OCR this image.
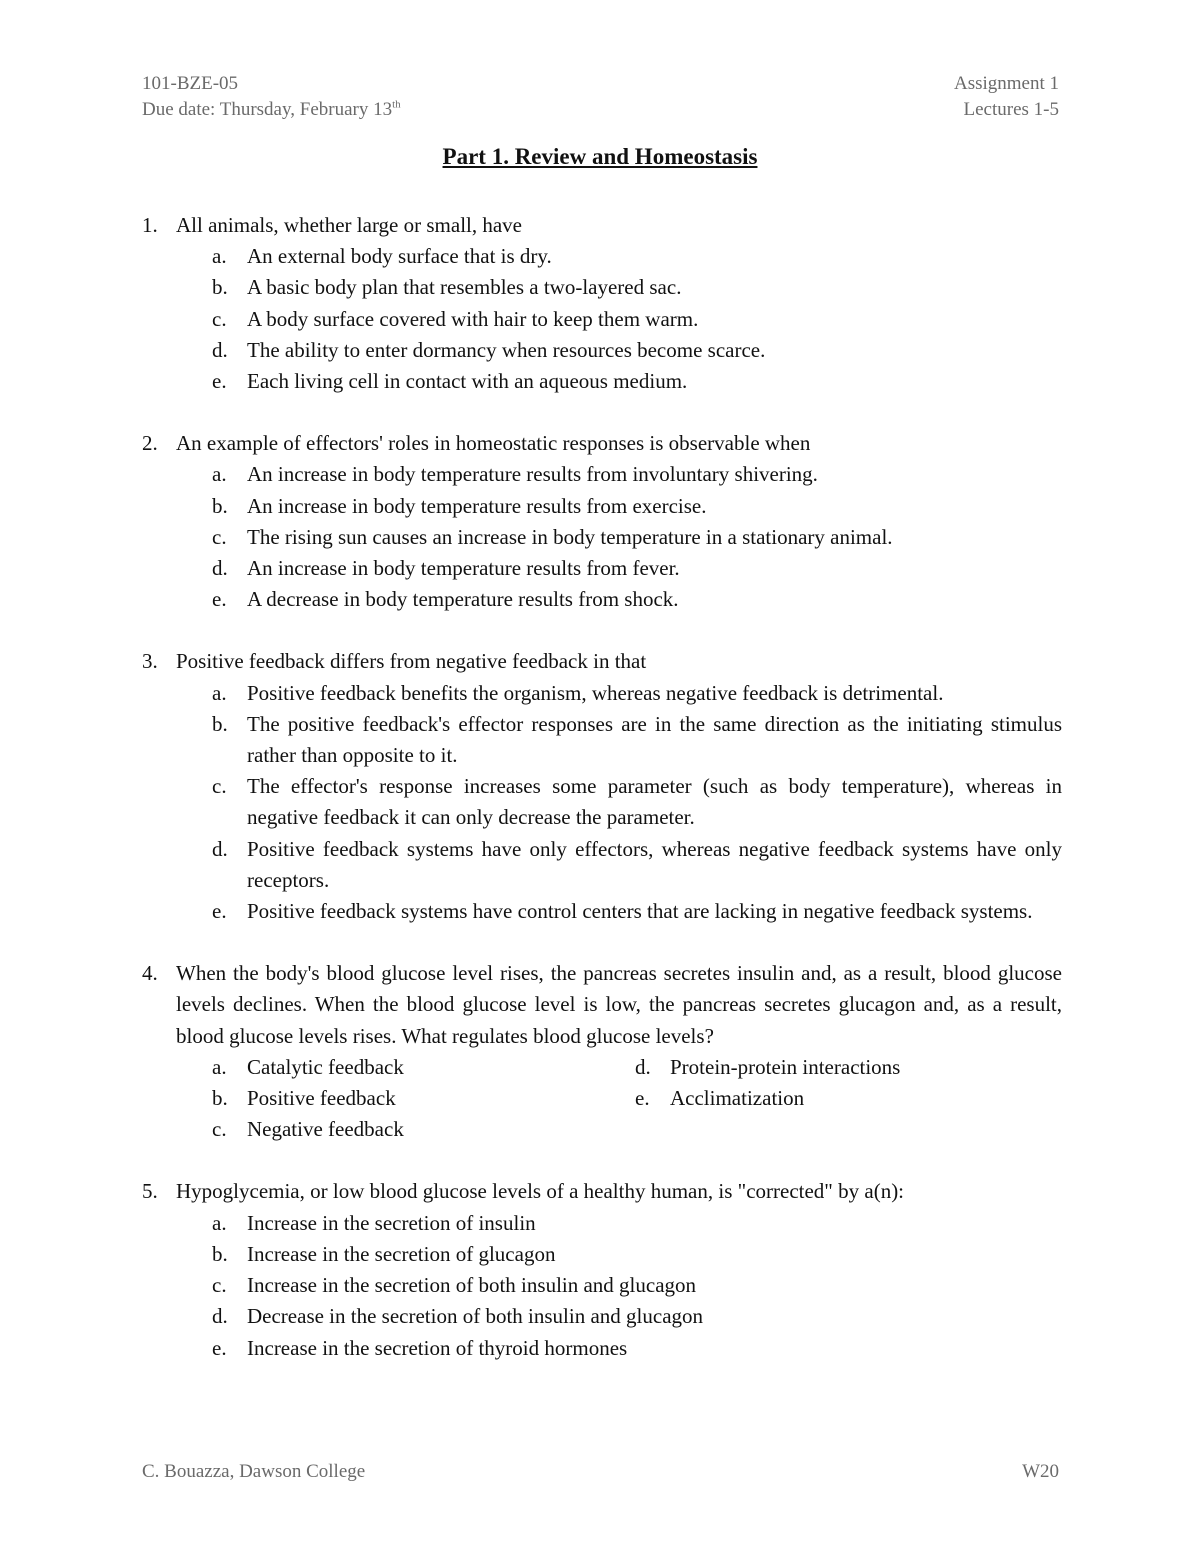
101-BZE-05
Due date: Thursday, February 13th
Assignment 1
Lectures 1-5
Part 1. Review and Homeostasis
1. All animals, whether large or small, have
a. An external body surface that is dry.
b. A basic body plan that resembles a two-layered sac.
c. A body surface covered with hair to keep them warm.
d. The ability to enter dormancy when resources become scarce.
e. Each living cell in contact with an aqueous medium.
2. An example of effectors' roles in homeostatic responses is observable when
a. An increase in body temperature results from involuntary shivering.
b. An increase in body temperature results from exercise.
c. The rising sun causes an increase in body temperature in a stationary animal.
d. An increase in body temperature results from fever.
e. A decrease in body temperature results from shock.
3. Positive feedback differs from negative feedback in that
a. Positive feedback benefits the organism, whereas negative feedback is detrimental.
b. The positive feedback's effector responses are in the same direction as the initiating stimulus rather than opposite to it.
c. The effector's response increases some parameter (such as body temperature), whereas in negative feedback it can only decrease the parameter.
d. Positive feedback systems have only effectors, whereas negative feedback systems have only receptors.
e. Positive feedback systems have control centers that are lacking in negative feedback systems.
4. When the body's blood glucose level rises, the pancreas secretes insulin and, as a result, blood glucose levels declines. When the blood glucose level is low, the pancreas secretes glucagon and, as a result, blood glucose levels rises. What regulates blood glucose levels?
a. Catalytic feedback
b. Positive feedback
c. Negative feedback
d. Protein-protein interactions
e. Acclimatization
5. Hypoglycemia, or low blood glucose levels of a healthy human, is "corrected" by a(n):
a. Increase in the secretion of insulin
b. Increase in the secretion of glucagon
c. Increase in the secretion of both insulin and glucagon
d. Decrease in the secretion of both insulin and glucagon
e. Increase in the secretion of thyroid hormones
C. Bouazza, Dawson College	W20
